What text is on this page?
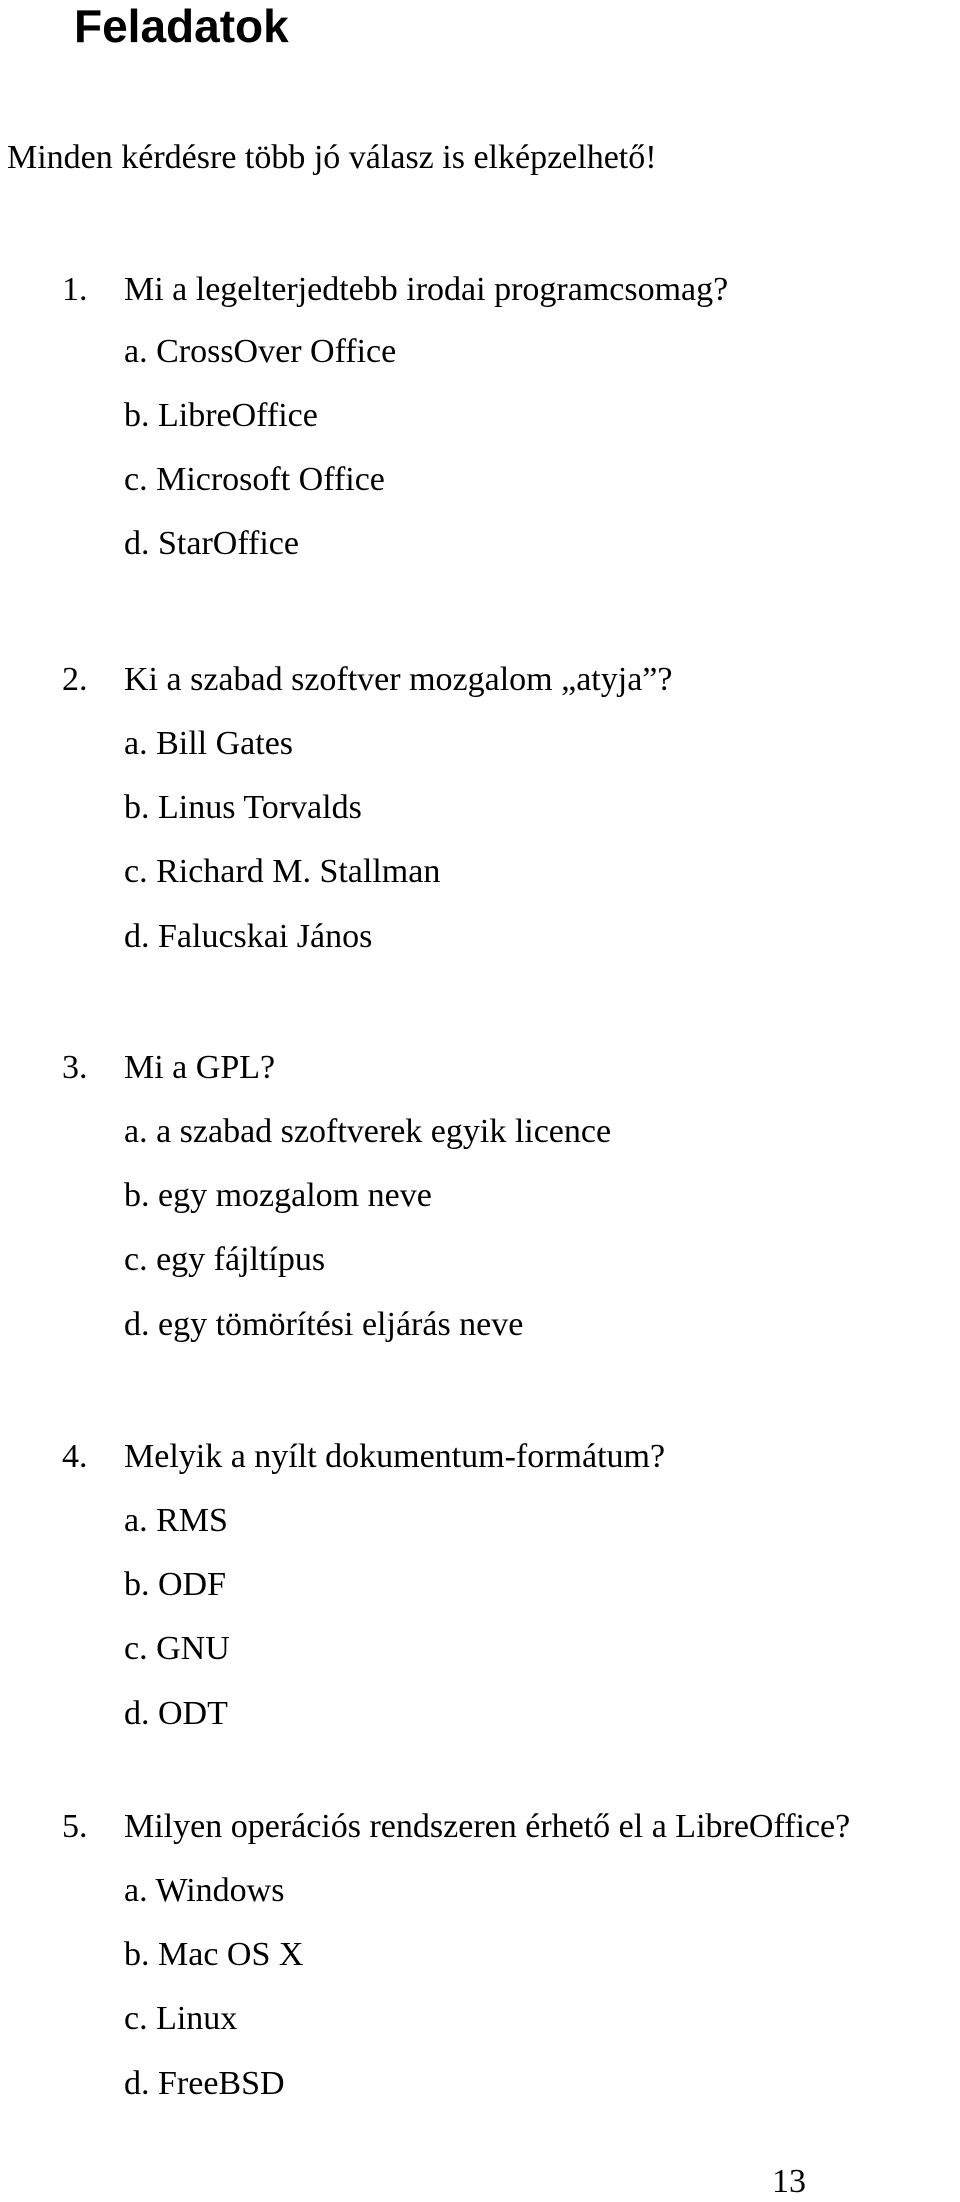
Feladatok

Minden kérdésre több jó válasz is elképzelhető!

1. Mi a legelterjedtebb irodai programcsomag?
a. CrossOver Office
b. LibreOffice
c. Microsoft Office
d. StarOffice
2. Ki a szabad szoftver mozgalom „atyja”?
a. Bill Gates
b. Linus Torvalds
c. Richard M. Stallman
d. Falucskai János
3. Mi a GPL?
a. a szabad szoftverek egyik licence
b. egy mozgalom neve
c. egy fájltípus
d. egy tömörítési eljárás neve
4. Melyik a nyílt dokumentum-formátum?
a. RMS
b. ODF
c. GNU
d. ODT
5. Milyen operációs rendszeren érhető el a LibreOffice?
a. Windows
b. Mac OS X
c. Linux
d. FreeBSD
13
